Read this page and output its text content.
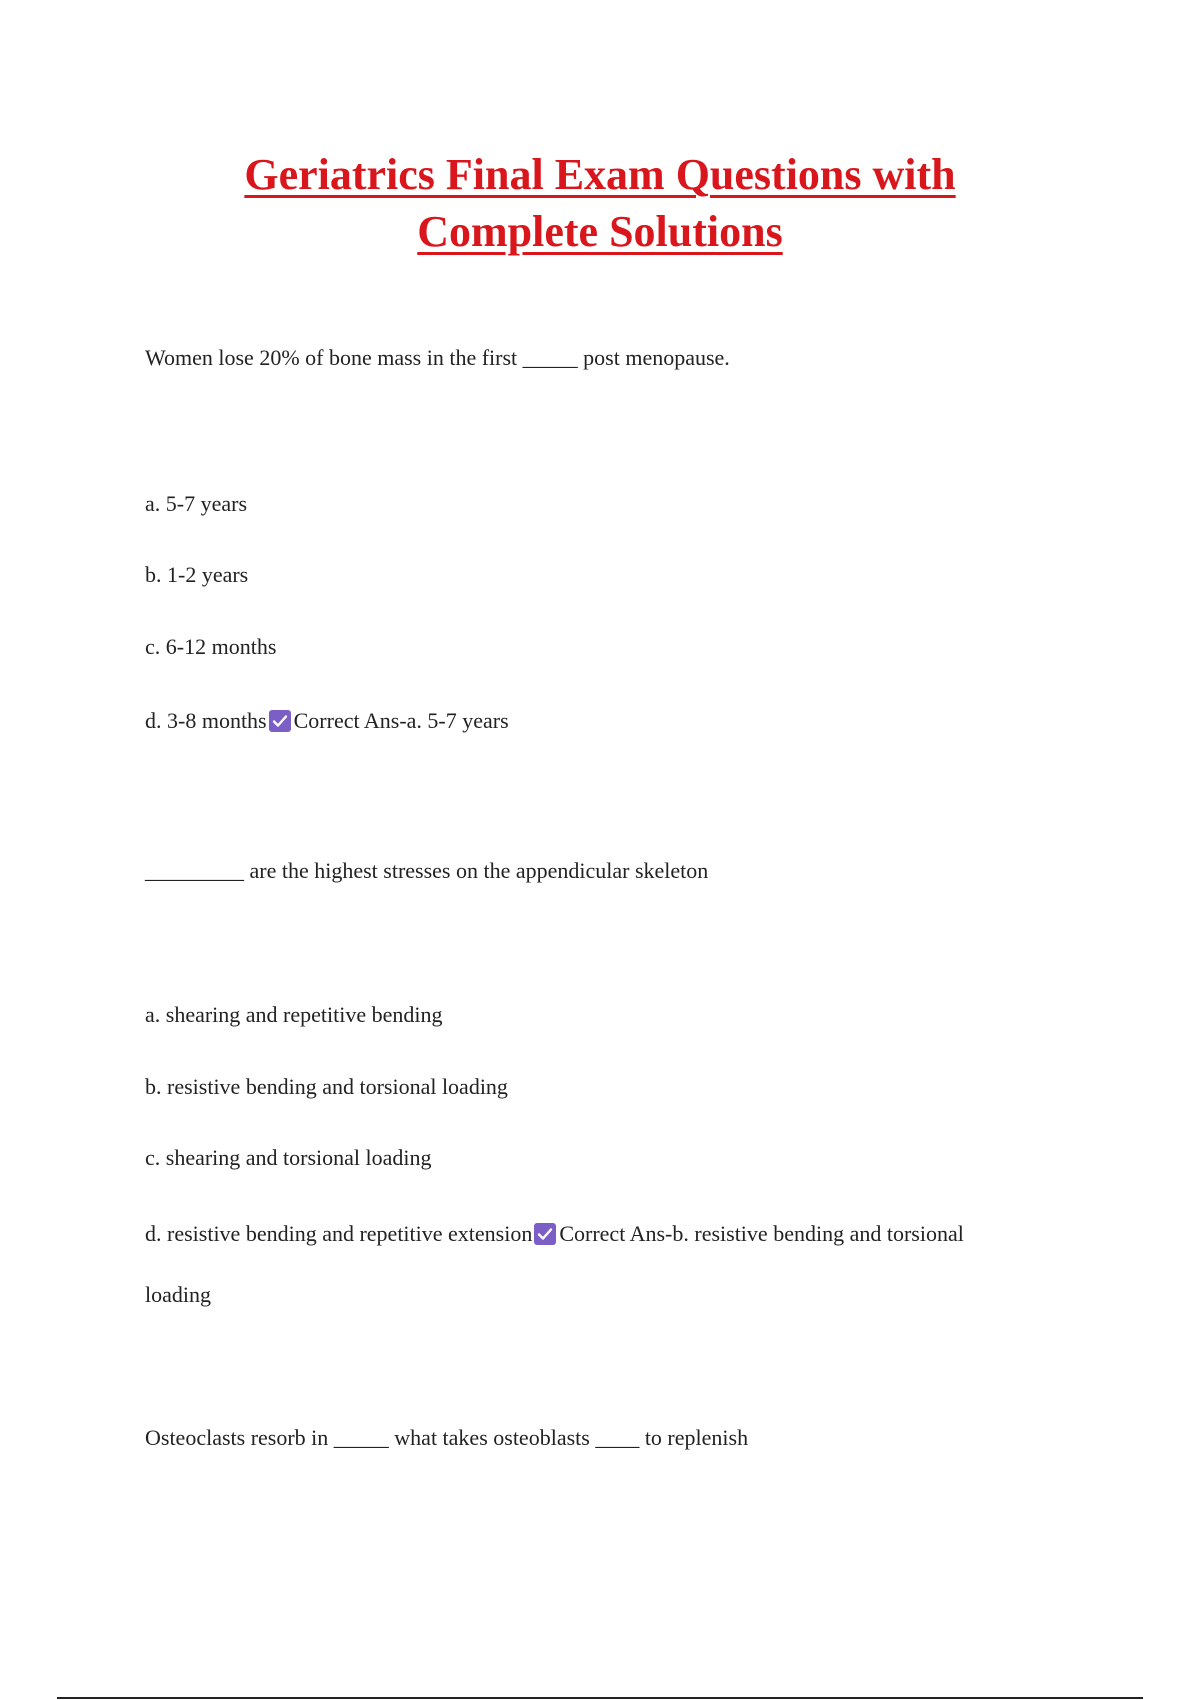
Geriatrics Final Exam Questions with
Complete Solutions

Women lose 20% of bone mass in the first _____ post menopause.

a. 5-7 years

b. 1-2 years

c. 6-12 months

d. 3-8 months Correct Ans-a. 5-7 years

_________ are the highest stresses on the appendicular skeleton

a. shearing and repetitive bending

b. resistive bending and torsional loading

c. shearing and torsional loading

d. resistive bending and repetitive extension Correct Ans-b. resistive bending and torsional

loading

Osteoclasts resorb in _____ what takes osteoblasts ____ to replenish
